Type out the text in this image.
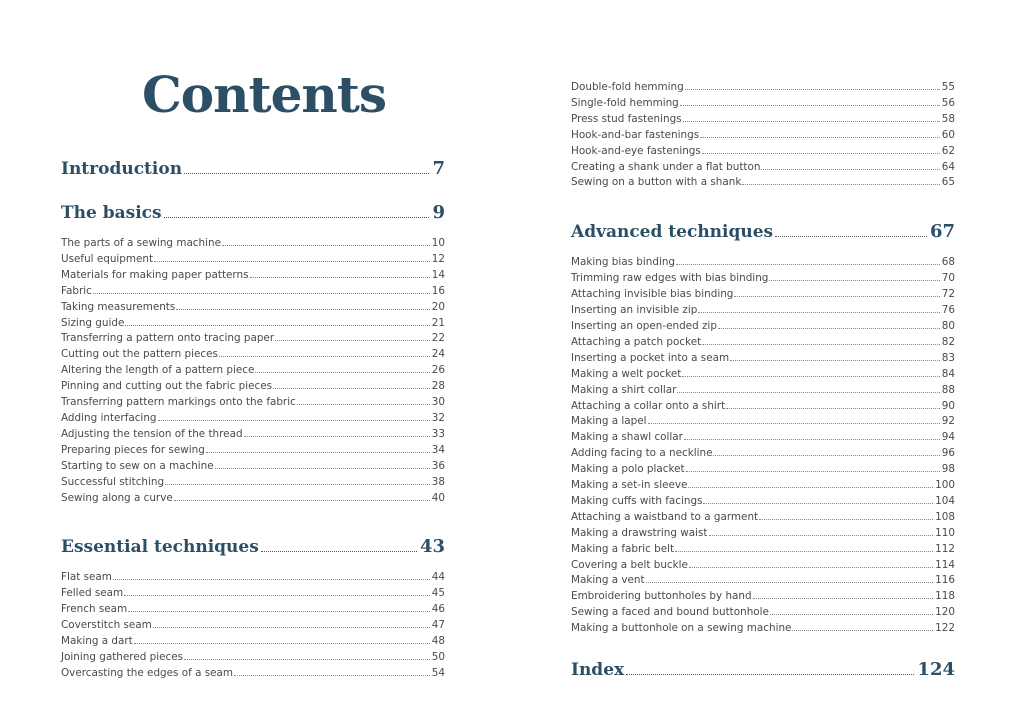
Contents
Introduction	7
The basics	9
The parts of a sewing machine	10
Useful equipment	12
Materials for making paper patterns	14
Fabric	16
Taking measurements	20
Sizing guide	21
Transferring a pattern onto tracing paper	22
Cutting out the pattern pieces	24
Altering the length of a pattern piece	26
Pinning and cutting out the fabric pieces	28
Transferring pattern markings onto the fabric	30
Adding interfacing	32
Adjusting the tension of the thread	33
Preparing pieces for sewing	34
Starting to sew on a machine	36
Successful stitching	38
Sewing along a curve	40
Essential techniques	43
Flat seam	44
Felled seam	45
French seam	46
Coverstitch seam	47
Making a dart	48
Joining gathered pieces	50
Overcasting the edges of a seam	54
Double-fold hemming	55
Single-fold hemming	56
Press stud fastenings	58
Hook-and-bar fastenings	60
Hook-and-eye fastenings	62
Creating a shank under a flat button	64
Sewing on a button with a shank	65
Advanced techniques	67
Making bias binding	68
Trimming raw edges with bias binding	70
Attaching invisible bias binding	72
Inserting an invisible zip	76
Inserting an open-ended zip	80
Attaching a patch pocket	82
Inserting a pocket into a seam	83
Making a welt pocket	84
Making a shirt collar	88
Attaching a collar onto a shirt	90
Making a lapel	92
Making a shawl collar	94
Adding facing to a neckline	96
Making a polo placket	98
Making a set-in sleeve	100
Making cuffs with facings	104
Attaching a waistband to a garment	108
Making a drawstring waist	110
Making a fabric belt	112
Covering a belt buckle	114
Making a vent	116
Embroidering buttonholes by hand	118
Sewing a faced and bound buttonhole	120
Making a buttonhole on a sewing machine	122
Index	124
